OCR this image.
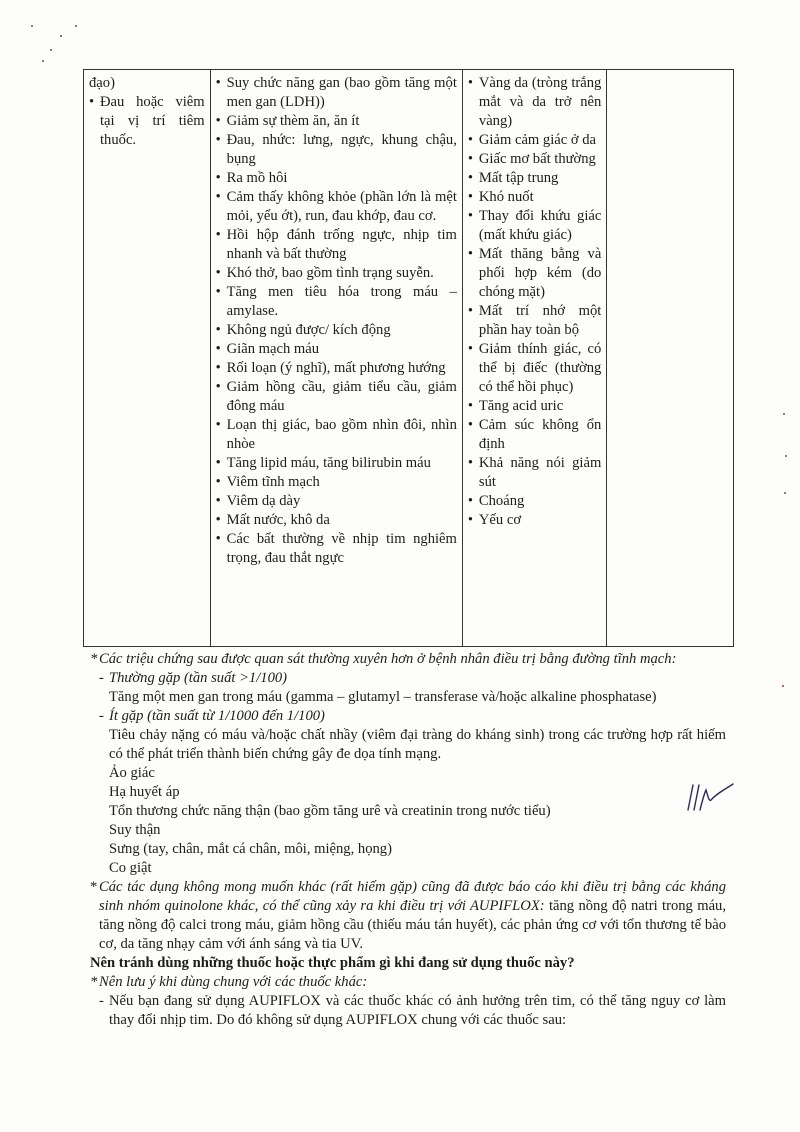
đạo)
• Đau hoặc viêm tại vị trí tiêm thuốc.

• Suy chức năng gan (bao gồm tăng một men gan (LDH))
• Giảm sự thèm ăn, ăn ít
• Đau, nhức: lưng, ngực, khung chậu, bụng
• Ra mồ hôi
• Cảm thấy không khỏe (phần lớn là mệt mỏi, yếu ớt), run, đau khớp, đau cơ.
• Hồi hộp đánh trống ngực, nhịp tim nhanh và bất thường
• Khó thở, bao gồm tình trạng suyễn.
• Tăng men tiêu hóa trong máu – amylase.
• Không ngủ được/ kích động
• Giãn mạch máu
• Rối loạn (ý nghĩ), mất phương hướng
• Giảm hồng cầu, giảm tiểu cầu, giảm đông máu
• Loạn thị giác, bao gồm nhìn đôi, nhìn nhòe
• Tăng lipid máu, tăng bilirubin máu
• Viêm tĩnh mạch
• Viêm dạ dày
• Mất nước, khô da
• Các bất thường về nhịp tim nghiêm trọng, đau thắt ngực

• Vàng da (tròng trắng mắt và da trở nên vàng)
• Giảm cảm giác ở da
• Giấc mơ bất thường
• Mất tập trung
• Khó nuốt
• Thay đổi khứu giác (mất khứu giác)
• Mất thăng bằng và phối hợp kém (do chóng mặt)
• Mất trí nhớ một phần hay toàn bộ
• Giảm thính giác, có thể bị điếc (thường có thể hồi phục)
• Tăng acid uric
• Cảm súc không ổn định
• Khả năng nói giảm sút
• Choáng
• Yếu cơ

* Các triệu chứng sau được quan sát thường xuyên hơn ở bệnh nhân điều trị bằng đường tĩnh mạch:
- Thường gặp (tần suất >1/100)
Tăng một men gan trong máu (gamma – glutamyl – transferase và/hoặc alkaline phosphatase)
- Ít gặp (tần suất từ 1/1000 đến 1/100)
Tiêu chảy nặng có máu và/hoặc chất nhầy (viêm đại tràng do kháng sinh) trong các trường hợp rất hiếm có thể phát triển thành biến chứng gây đe dọa tính mạng.
Ảo giác
Hạ huyết áp
Tổn thương chức năng thận (bao gồm tăng urê và creatinin trong nước tiểu)
Suy thận
Sưng (tay, chân, mắt cá chân, môi, miệng, họng)
Co giật
* Các tác dụng không mong muốn khác (rất hiếm gặp) cũng đã được báo cáo khi điều trị bằng các kháng sinh nhóm quinolone khác, có thể cũng xảy ra khi điều trị với AUPIFLOX: tăng nồng độ natri trong máu, tăng nồng độ calci trong máu, giảm hồng cầu (thiếu máu tán huyết), các phản ứng cơ với tổn thương tế bào cơ, da tăng nhạy cảm với ánh sáng và tia UV.
Nên tránh dùng những thuốc hoặc thực phẩm gì khi đang sử dụng thuốc này?
* Nên lưu ý khi dùng chung với các thuốc khác:
- Nếu bạn đang sử dụng AUPIFLOX và các thuốc khác có ảnh hưởng trên tim, có thể tăng nguy cơ làm thay đổi nhịp tim. Do đó không sử dụng AUPIFLOX chung với các thuốc sau:
